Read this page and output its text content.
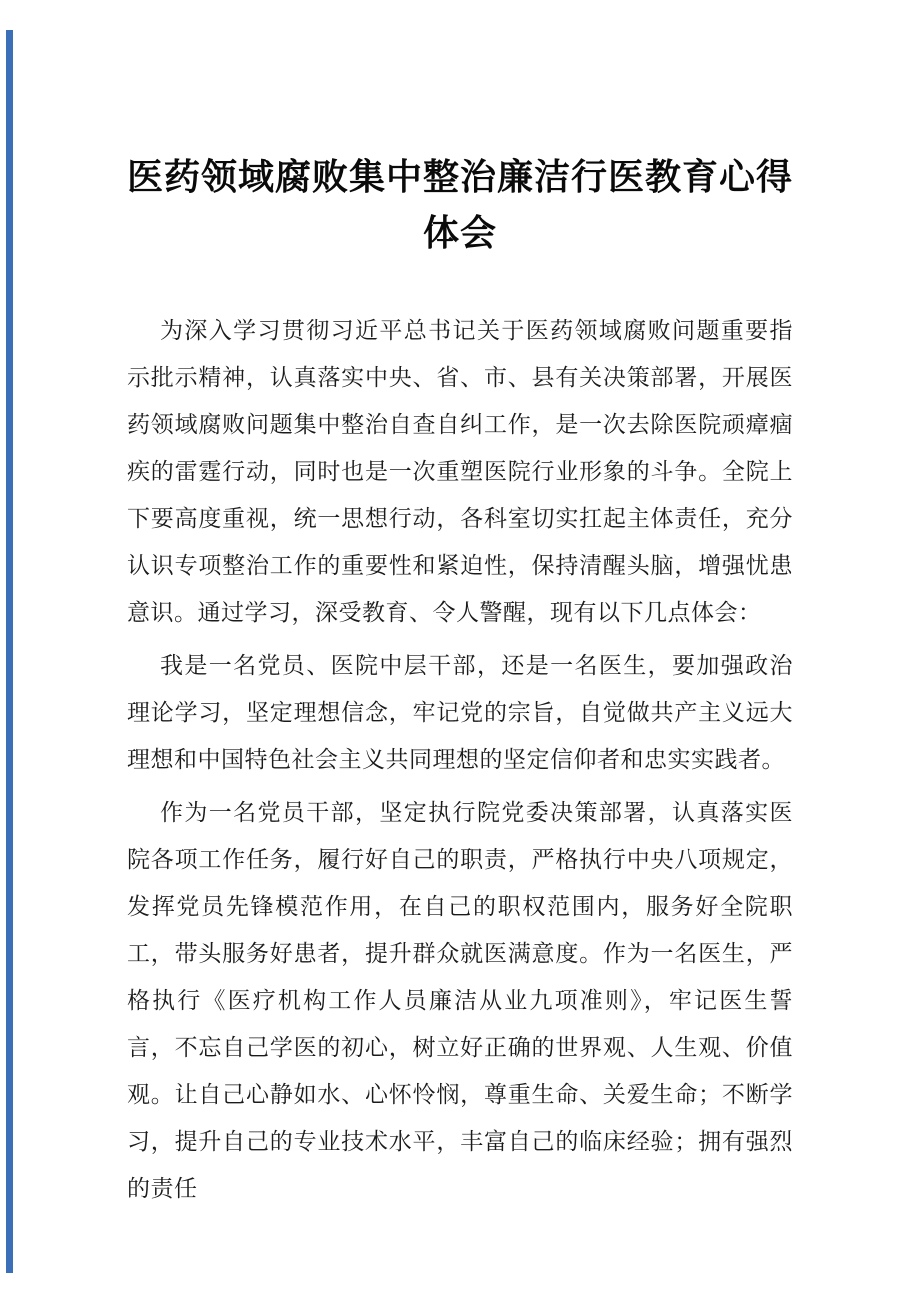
医药领域腐败集中整治廉洁行医教育心得
体会

为深入学习贯彻习近平总书记关于医药领域腐败问题重要指示批示精神，认真落实中央、省、市、县有关决策部署，开展医药领域腐败问题集中整治自查自纠工作，是一次去除医院顽瘴痼疾的雷霆行动，同时也是一次重塑医院行业形象的斗争。全院上下要高度重视，统一思想行动，各科室切实扛起主体责任，充分认识专项整治工作的重要性和紧迫性，保持清醒头脑，增强忧患意识。通过学习，深受教育、令人警醒，现有以下几点体会：

我是一名党员、医院中层干部，还是一名医生，要加强政治理论学习，坚定理想信念，牢记党的宗旨，自觉做共产主义远大理想和中国特色社会主义共同理想的坚定信仰者和忠实实践者。

作为一名党员干部，坚定执行院党委决策部署，认真落实医院各项工作任务，履行好自己的职责，严格执行中央八项规定，发挥党员先锋模范作用，在自己的职权范围内，服务好全院职工，带头服务好患者，提升群众就医满意度。作为一名医生，严格执行《医疗机构工作人员廉洁从业九项准则》，牢记医生誓言，不忘自己学医的初心，树立好正确的世界观、人生观、价值观。让自己心静如水、心怀怜悯，尊重生命、关爱生命；不断学习，提升自己的专业技术水平，丰富自己的临床经验；拥有强烈的责任
